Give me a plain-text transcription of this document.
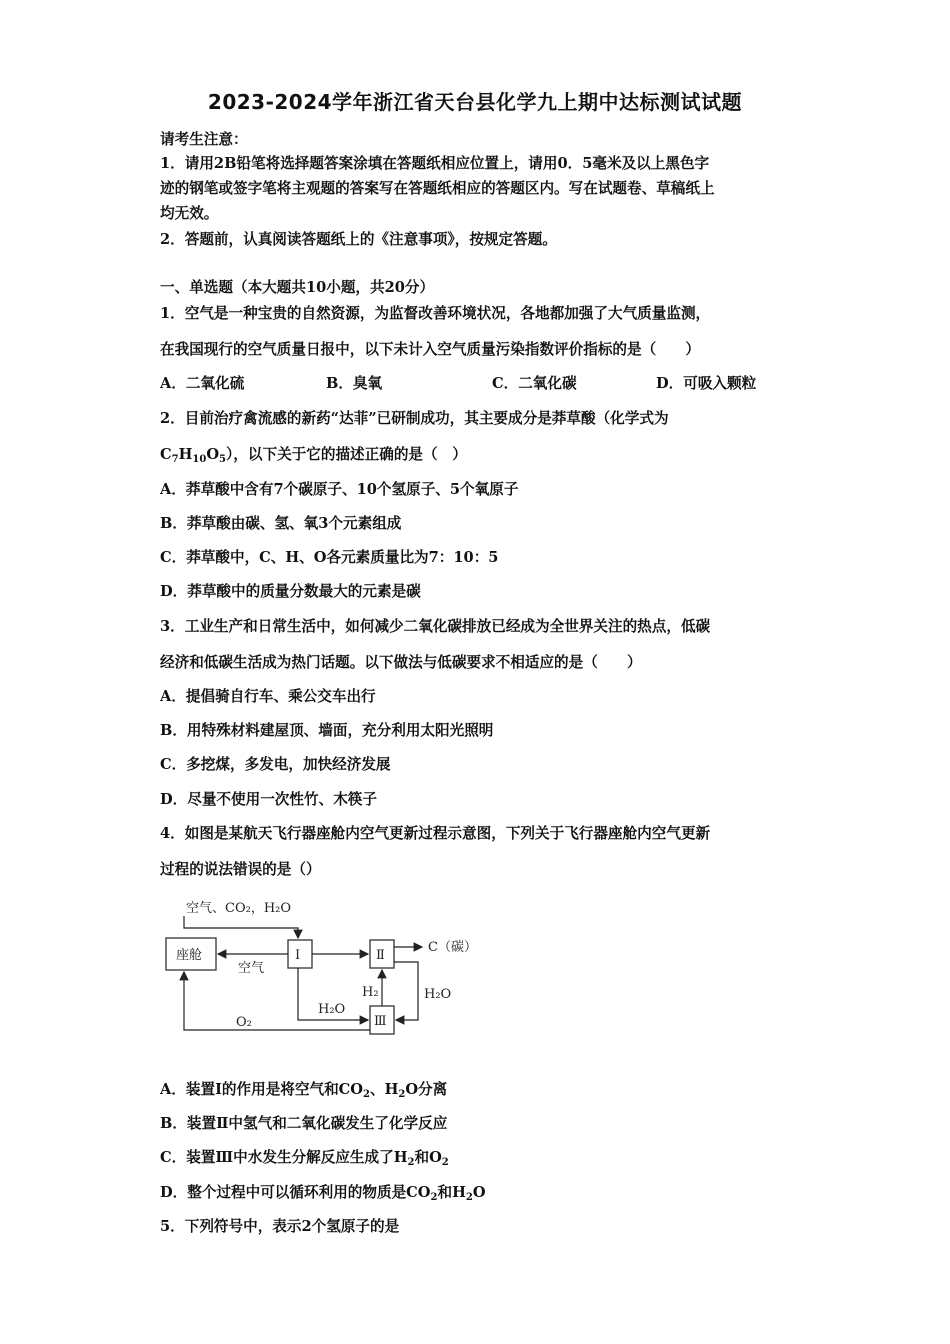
2023-2024学年浙江省天台县化学九上期中达标测试试题
请考生注意：
1．请用2B铅笔将选择题答案涂填在答题纸相应位置上，请用0．5毫米及以上黑色字
迹的钢笔或签字笔将主观题的答案写在答题纸相应的答题区内。写在试题卷、草稿纸上
均无效。
2．答题前，认真阅读答题纸上的《注意事项》，按规定答题。
一、单选题（本大题共10小题，共20分）
1．空气是一种宝贵的自然资源，为监督改善环境状况，各地都加强了大气质量监测，
在我国现行的空气质量日报中，以下未计入空气质量污染指数评价指标的是（　　）
A．二氧化硫	B．臭氧	C．二氧化碳	D．可吸入颗粒
2．目前治疗禽流感的新药“达菲”已研制成功，其主要成分是莽草酸（化学式为
$C_7H_{10}O_5$），以下关于它的描述正确的是（　）
A．莽草酸中含有7个碳原子、10个氢原子、5个氧原子
B．莽草酸由碳、氢、氧3个元素组成
C．莽草酸中，C、H、O各元素质量比为7：10：5
D．莽草酸中的质量分数最大的元素是碳
3．工业生产和日常生活中，如何减少二氧化碳排放已经成为全世界关注的热点，低碳
经济和低碳生活成为热门话题。以下做法与低碳要求不相适应的是（　　）
A．提倡骑自行车、乘公交车出行
B．用特殊材料建屋顶、墙面，充分利用太阳光照明
C．多挖煤，多发电，加快经济发展
D．尽量不使用一次性竹、木筷子
4．如图是某航天飞行器座舱内空气更新过程示意图，下列关于飞行器座舱内空气更新
过程的说法错误的是（）
空气、CO₂，H₂O
座舱	Ⅰ
空气
Ⅱ
C（碳）
Ⅲ
H₂	H₂O
H₂O
O₂
A．装置Ⅰ的作用是将空气和$CO_2$、$H_2O$分离
B．装置Ⅱ中氢气和二氧化碳发生了化学反应
C．装置Ⅲ中水发生分解反应生成了$H_2$和$O_2$
D．整个过程中可以循环利用的物质是$CO_2$和$H_2O$
5．下列符号中，表示2个氢原子的是
